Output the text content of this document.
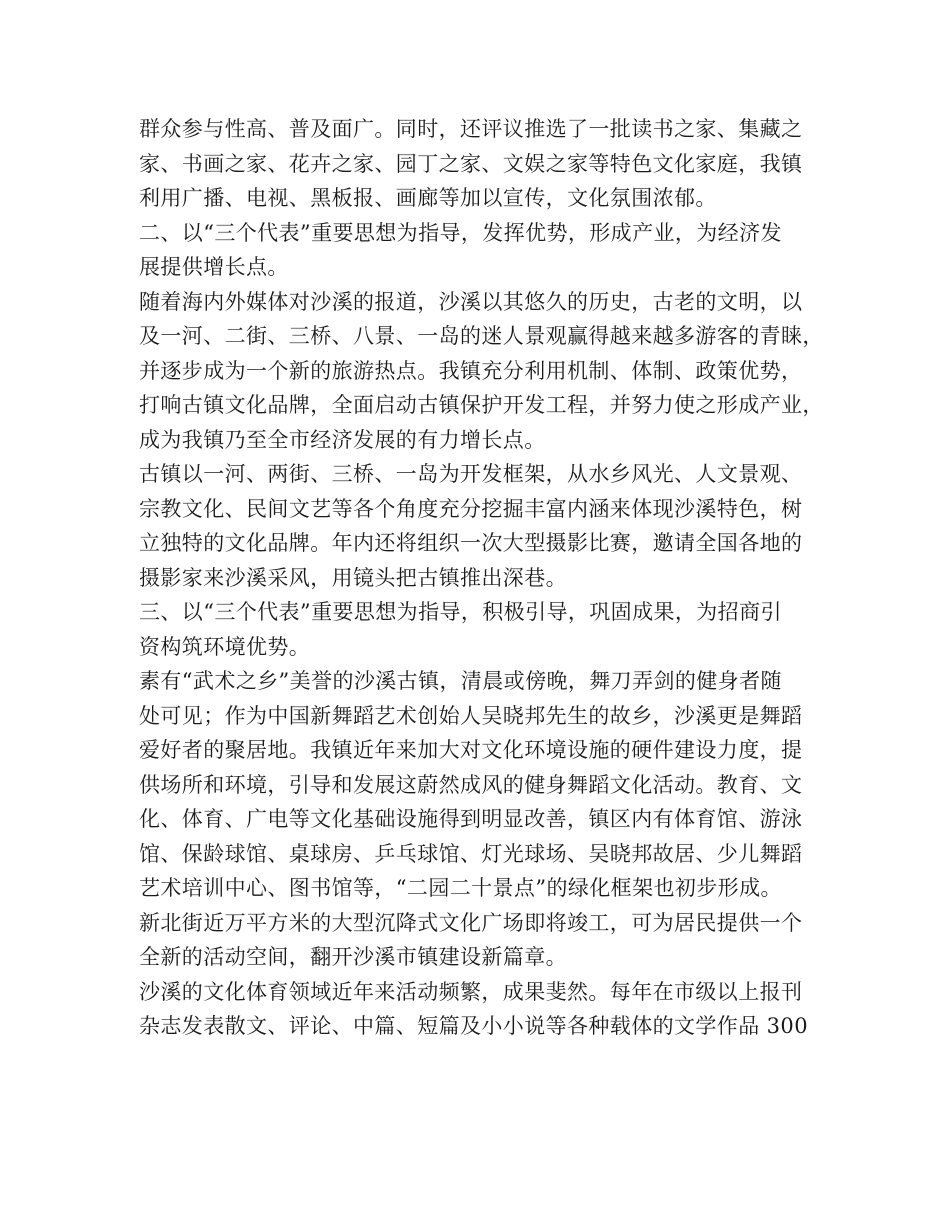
群众参与性高、普及面广。同时，还评议推选了一批读书之家、集藏之
家、书画之家、花卉之家、园丁之家、文娱之家等特色文化家庭，我镇
利用广播、电视、黑板报、画廊等加以宣传，文化氛围浓郁。
二、以“三个代表”重要思想为指导，发挥优势，形成产业，为经济发
展提供增长点。
随着海内外媒体对沙溪的报道，沙溪以其悠久的历史，古老的文明，以
及一河、二街、三桥、八景、一岛的迷人景观赢得越来越多游客的青睐，
并逐步成为一个新的旅游热点。我镇充分利用机制、体制、政策优势，
打响古镇文化品牌，全面启动古镇保护开发工程，并努力使之形成产业，
成为我镇乃至全市经济发展的有力增长点。
古镇以一河、两街、三桥、一岛为开发框架，从水乡风光、人文景观、
宗教文化、民间文艺等各个角度充分挖掘丰富内涵来体现沙溪特色，树
立独特的文化品牌。年内还将组织一次大型摄影比赛，邀请全国各地的
摄影家来沙溪采风，用镜头把古镇推出深巷。
三、以“三个代表”重要思想为指导，积极引导，巩固成果，为招商引
资构筑环境优势。
素有“武术之乡”美誉的沙溪古镇，清晨或傍晚，舞刀弄剑的健身者随
处可见；作为中国新舞蹈艺术创始人吴晓邦先生的故乡，沙溪更是舞蹈
爱好者的聚居地。我镇近年来加大对文化环境设施的硬件建设力度，提
供场所和环境，引导和发展这蔚然成风的健身舞蹈文化活动。教育、文
化、体育、广电等文化基础设施得到明显改善，镇区内有体育馆、游泳
馆、保龄球馆、桌球房、乒乓球馆、灯光球场、吴晓邦故居、少儿舞蹈
艺术培训中心、图书馆等，“二园二十景点”的绿化框架也初步形成。
新北街近万平方米的大型沉降式文化广场即将竣工，可为居民提供一个
全新的活动空间，翻开沙溪市镇建设新篇章。
沙溪的文化体育领域近年来活动频繁，成果斐然。每年在市级以上报刊
杂志发表散文、评论、中篇、短篇及小小说等各种载体的文学作品 300
